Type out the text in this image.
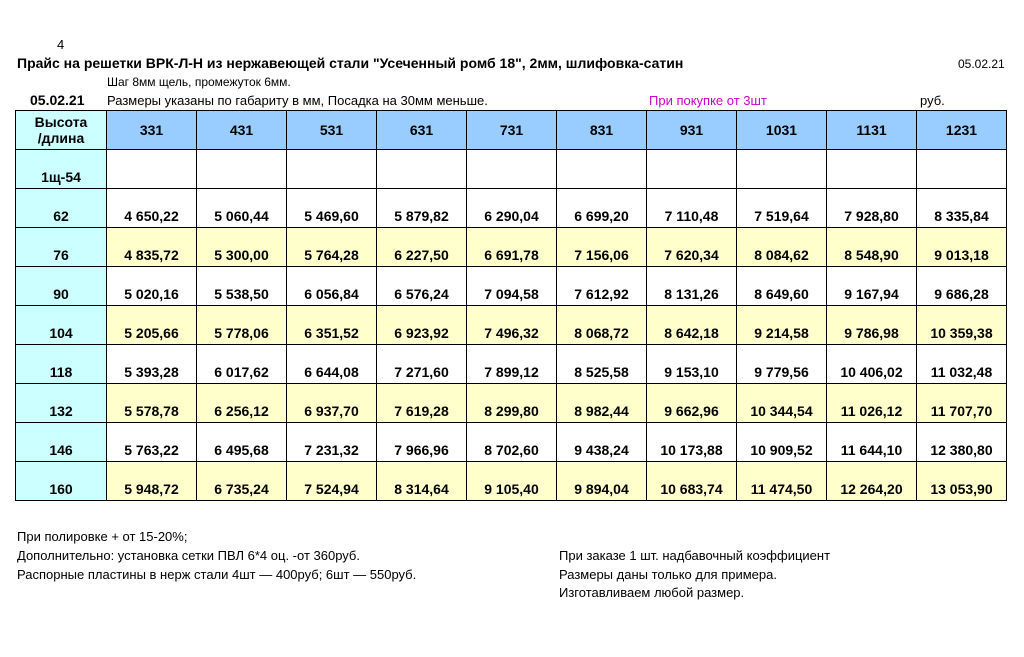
4
Прайс на решетки ВРК-Л-Н из нержавеющей стали "Усеченный ромб 18", 2мм, шлифовка-сатин	05.02.21
Шаг 8мм щель, промежуток 6мм.
05.02.21 Размеры указаны по габариту в мм, Посадка на 30мм меньше.	При покупке от 3шт	руб.
Высота
/длина	331	431	531	631	731	831	931	1031	1131	1231
1щ-54										
62	4 650,22	5 060,44	5 469,60	5 879,82	6 290,04	6 699,20	7 110,48	7 519,64	7 928,80	8 335,84
76	4 835,72	5 300,00	5 764,28	6 227,50	6 691,78	7 156,06	7 620,34	8 084,62	8 548,90	9 013,18
90	5 020,16	5 538,50	6 056,84	6 576,24	7 094,58	7 612,92	8 131,26	8 649,60	9 167,94	9 686,28
104	5 205,66	5 778,06	6 351,52	6 923,92	7 496,32	8 068,72	8 642,18	9 214,58	9 786,98	10 359,38
118	5 393,28	6 017,62	6 644,08	7 271,60	7 899,12	8 525,58	9 153,10	9 779,56	10 406,02	11 032,48
132	5 578,78	6 256,12	6 937,70	7 619,28	8 299,80	8 982,44	9 662,96	10 344,54	11 026,12	11 707,70
146	5 763,22	6 495,68	7 231,32	7 966,96	8 702,60	9 438,24	10 173,88	10 909,52	11 644,10	12 380,80
160	5 948,72	6 735,24	7 524,94	8 314,64	9 105,40	9 894,04	10 683,74	11 474,50	12 264,20	13 053,90
При полировке + от 15-20%;
Дополнительно: установка сетки ПВЛ 6*4 оц. -от 360руб.
Распорные пластины в нерж стали 4шт — 400руб; 6шт — 550руб.
При заказе 1 шт. надбавочный коэффициент
Размеры даны только для примера.
Изготавливаем любой размер.
